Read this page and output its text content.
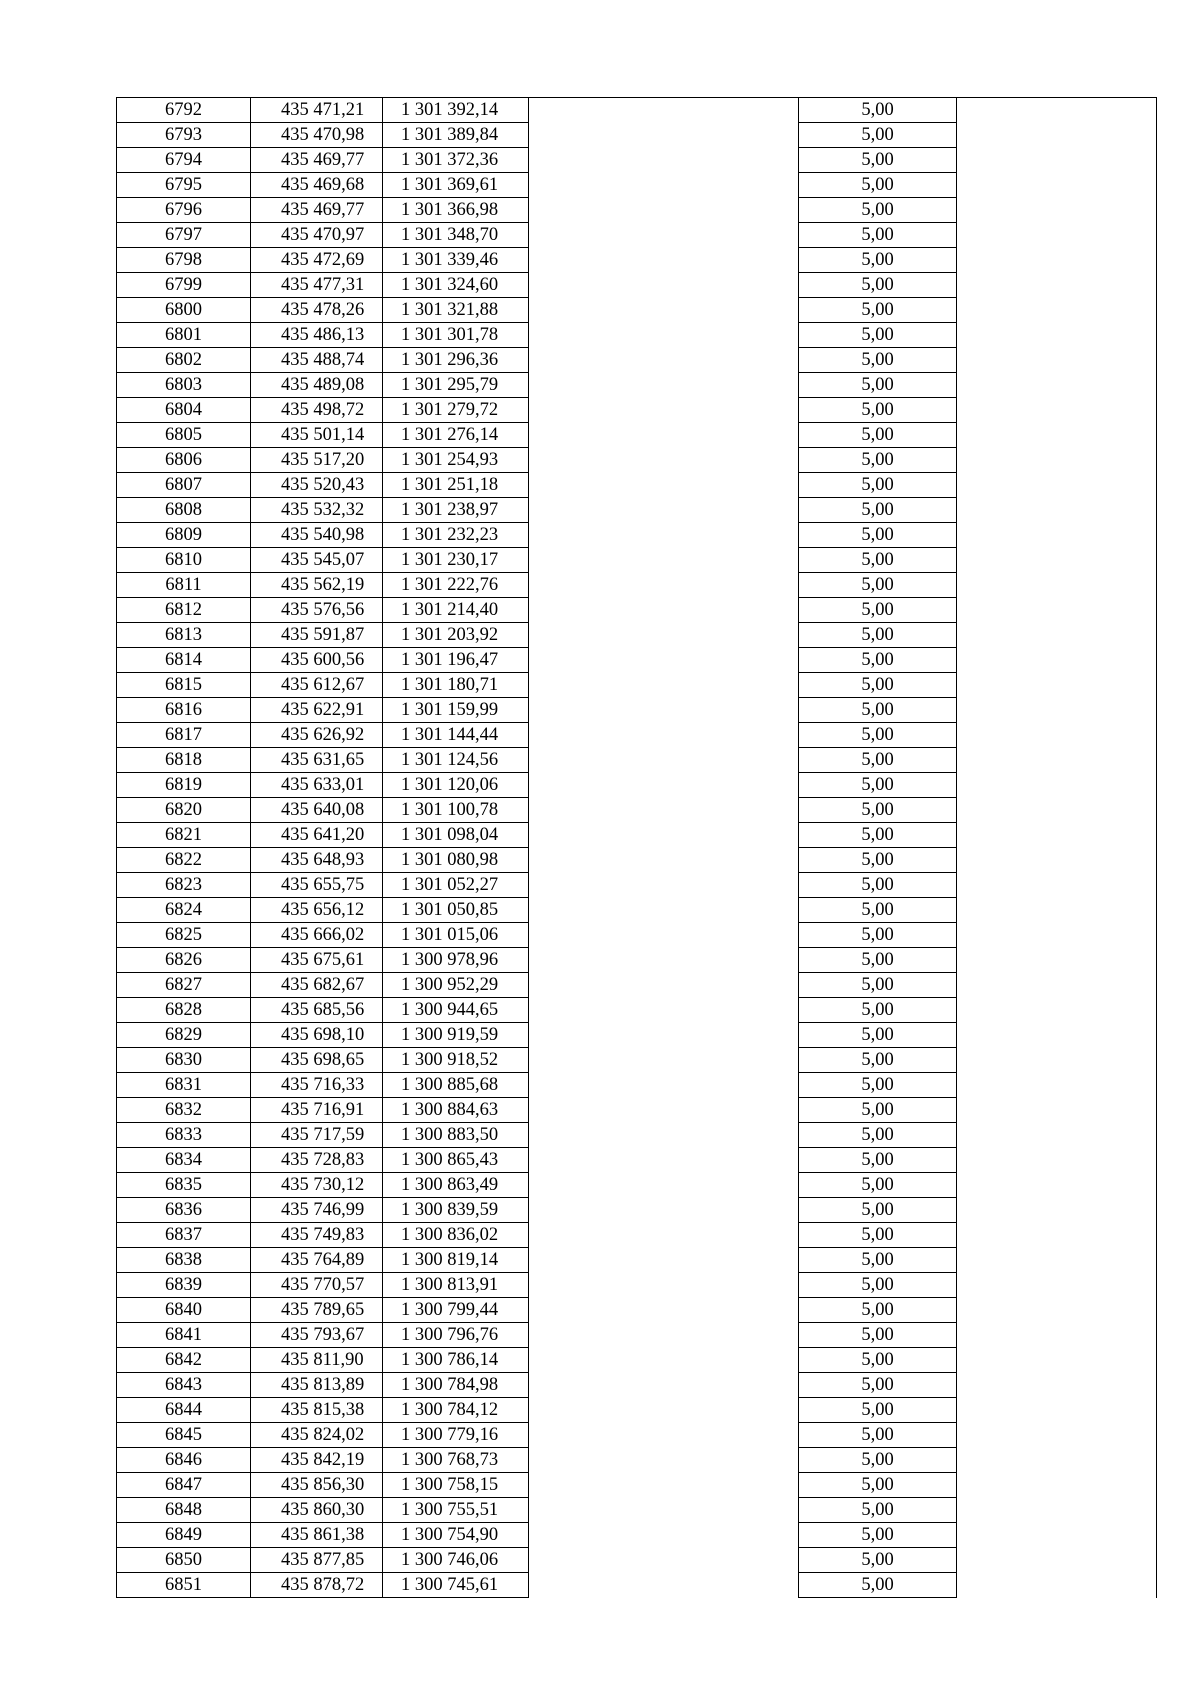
6792	435 471,21	1 301 392,14		5,00	
6793	435 470,98	1 301 389,84		5,00	
6794	435 469,77	1 301 372,36		5,00	
6795	435 469,68	1 301 369,61		5,00	
6796	435 469,77	1 301 366,98		5,00	
6797	435 470,97	1 301 348,70		5,00	
6798	435 472,69	1 301 339,46		5,00	
6799	435 477,31	1 301 324,60		5,00	
6800	435 478,26	1 301 321,88		5,00	
6801	435 486,13	1 301 301,78		5,00	
6802	435 488,74	1 301 296,36		5,00	
6803	435 489,08	1 301 295,79		5,00	
6804	435 498,72	1 301 279,72		5,00	
6805	435 501,14	1 301 276,14		5,00	
6806	435 517,20	1 301 254,93		5,00	
6807	435 520,43	1 301 251,18		5,00	
6808	435 532,32	1 301 238,97		5,00	
6809	435 540,98	1 301 232,23		5,00	
6810	435 545,07	1 301 230,17		5,00	
6811	435 562,19	1 301 222,76		5,00	
6812	435 576,56	1 301 214,40		5,00	
6813	435 591,87	1 301 203,92		5,00	
6814	435 600,56	1 301 196,47		5,00	
6815	435 612,67	1 301 180,71		5,00	
6816	435 622,91	1 301 159,99		5,00	
6817	435 626,92	1 301 144,44		5,00	
6818	435 631,65	1 301 124,56		5,00	
6819	435 633,01	1 301 120,06		5,00	
6820	435 640,08	1 301 100,78		5,00	
6821	435 641,20	1 301 098,04		5,00	
6822	435 648,93	1 301 080,98		5,00	
6823	435 655,75	1 301 052,27		5,00	
6824	435 656,12	1 301 050,85		5,00	
6825	435 666,02	1 301 015,06		5,00	
6826	435 675,61	1 300 978,96		5,00	
6827	435 682,67	1 300 952,29		5,00	
6828	435 685,56	1 300 944,65		5,00	
6829	435 698,10	1 300 919,59		5,00	
6830	435 698,65	1 300 918,52		5,00	
6831	435 716,33	1 300 885,68		5,00	
6832	435 716,91	1 300 884,63		5,00	
6833	435 717,59	1 300 883,50		5,00	
6834	435 728,83	1 300 865,43		5,00	
6835	435 730,12	1 300 863,49		5,00	
6836	435 746,99	1 300 839,59		5,00	
6837	435 749,83	1 300 836,02		5,00	
6838	435 764,89	1 300 819,14		5,00	
6839	435 770,57	1 300 813,91		5,00	
6840	435 789,65	1 300 799,44		5,00	
6841	435 793,67	1 300 796,76		5,00	
6842	435 811,90	1 300 786,14		5,00	
6843	435 813,89	1 300 784,98		5,00	
6844	435 815,38	1 300 784,12		5,00	
6845	435 824,02	1 300 779,16		5,00	
6846	435 842,19	1 300 768,73		5,00	
6847	435 856,30	1 300 758,15		5,00	
6848	435 860,30	1 300 755,51		5,00	
6849	435 861,38	1 300 754,90		5,00	
6850	435 877,85	1 300 746,06		5,00	
6851	435 878,72	1 300 745,61		5,00	
